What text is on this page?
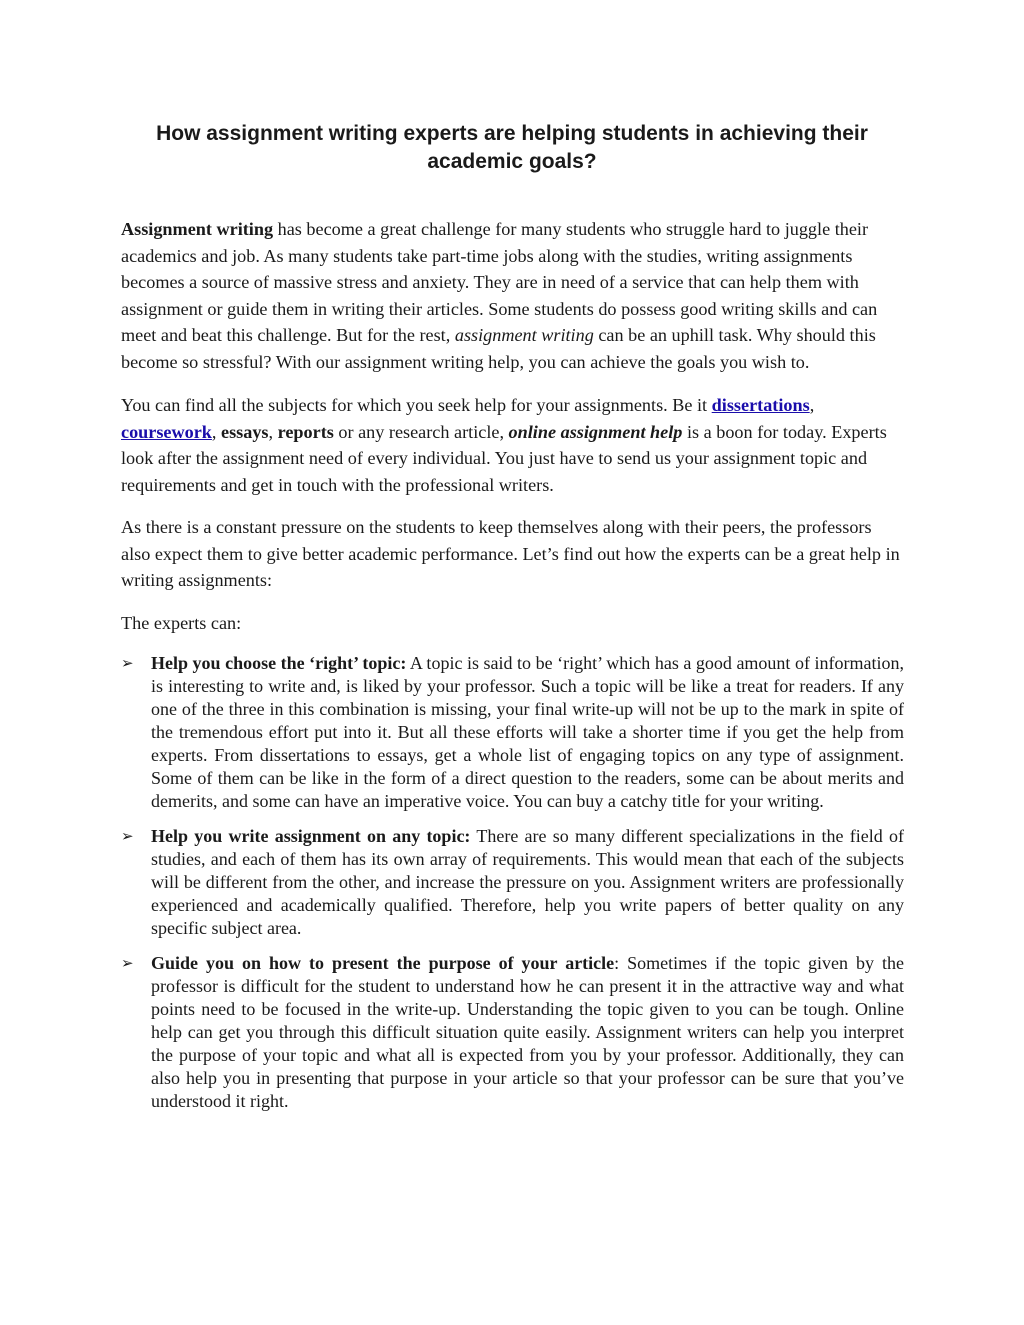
How assignment writing experts are helping students in achieving their academic goals?

Assignment writing has become a great challenge for many students who struggle hard to juggle their academics and job. As many students take part-time jobs along with the studies, writing assignments becomes a source of massive stress and anxiety. They are in need of a service that can help them with assignment or guide them in writing their articles. Some students do possess good writing skills and can meet and beat this challenge. But for the rest, assignment writing can be an uphill task. Why should this become so stressful? With our assignment writing help, you can achieve the goals you wish to.

You can find all the subjects for which you seek help for your assignments. Be it dissertations, coursework, essays, reports or any research article, online assignment help is a boon for today. Experts look after the assignment need of every individual. You just have to send us your assignment topic and requirements and get in touch with the professional writers.

As there is a constant pressure on the students to keep themselves along with their peers, the professors also expect them to give better academic performance. Let’s find out how the experts can be a great help in writing assignments:

The experts can:

➢ Help you choose the ‘right’ topic: A topic is said to be ‘right’ which has a good amount of information, is interesting to write and, is liked by your professor. Such a topic will be like a treat for readers. If any one of the three in this combination is missing, your final write-up will not be up to the mark in spite of the tremendous effort put into it. But all these efforts will take a shorter time if you get the help from experts. From dissertations to essays, get a whole list of engaging topics on any type of assignment. Some of them can be like in the form of a direct question to the readers, some can be about merits and demerits, and some can have an imperative voice. You can buy a catchy title for your writing.
➢ Help you write assignment on any topic: There are so many different specializations in the field of studies, and each of them has its own array of requirements. This would mean that each of the subjects will be different from the other, and increase the pressure on you. Assignment writers are professionally experienced and academically qualified. Therefore, help you write papers of better quality on any specific subject area.
➢ Guide you on how to present the purpose of your article: Sometimes if the topic given by the professor is difficult for the student to understand how he can present it in the attractive way and what points need to be focused in the write-up. Understanding the topic given to you can be tough. Online help can get you through this difficult situation quite easily. Assignment writers can help you interpret the purpose of your topic and what all is expected from you by your professor. Additionally, they can also help you in presenting that purpose in your article so that your professor can be sure that you’ve understood it right.
